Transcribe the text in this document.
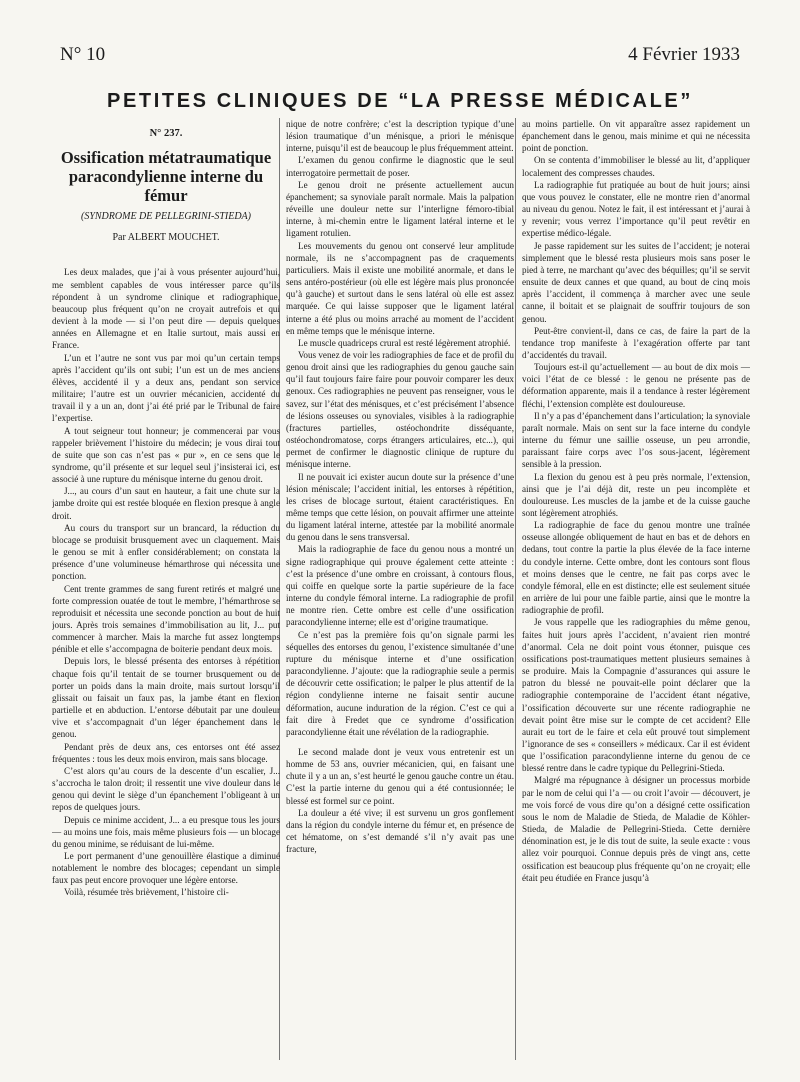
N° 10	4 Février 1933
PETITES CLINIQUES DE “LA PRESSE MÉDICALE”
N° 237.
Ossification métatraumatique paracondylienne interne du fémur
(SYNDROME DE PELLEGRINI-STIEDA)
Par ALBERT MOUCHET.

Les deux malades, que j’ai à vous présenter aujourd’hui, me semblent capables de vous intéresser parce qu’ils répondent à un syndrome clinique et radiographique, beaucoup plus fréquent qu’on ne croyait autrefois et qui devient à la mode — si l’on peut dire — depuis quelques années en Allemagne et en Italie surtout, mais aussi en France.

L’un et l’autre ne sont vus par moi qu’un certain temps après l’accident qu’ils ont subi; l’un est un de mes anciens élèves, accidenté il y a deux ans, pendant son service militaire; l’autre est un ouvrier mécanicien, accidenté du travail il y a un an, dont j’ai été prié par le Tribunal de faire l’expertise.

A tout seigneur tout honneur; je commencerai par vous rappeler brièvement l’histoire du médecin; je vous dirai tout de suite que son cas n’est pas « pur », en ce sens que le syndrome, qu’il présente et sur lequel seul j’insisterai ici, est associé à une rupture du ménisque interne du genou droit.

J..., au cours d’un saut en hauteur, a fait une chute sur la jambe droite qui est restée bloquée en flexion presque à angle droit.

Au cours du transport sur un brancard, la réduction du blocage se produisit brusquement avec un claquement. Mais le genou se mit à enfler considérablement; on constata la présence d’une volumineuse hémarthrose qui nécessita une ponction.

Cent trente grammes de sang furent retirés et malgré une forte compression ouatée de tout le membre, l’hémarthrose se reproduisit et nécessita une seconde ponction au bout de huit jours. Après trois semaines d’immobilisation au lit, J... put commencer à marcher. Mais la marche fut assez longtemps pénible et elle s’accompagna de boiterie pendant deux mois.

Depuis lors, le blessé présenta des entorses à répétition chaque fois qu’il tentait de se tourner brusquement ou de porter un poids dans la main droite, mais surtout lorsqu’il glissait ou faisait un faux pas, la jambe étant en flexion partielle et en abduction. L’entorse débutait par une douleur vive et s’accompagnait d’un léger épanchement dans le genou.

Pendant près de deux ans, ces entorses ont été assez fréquentes : tous les deux mois environ, mais sans blocage.

C’est alors qu’au cours de la descente d’un escalier, J... s’accrocha le talon droit; il ressentit une vive douleur dans le genou qui devint le siège d’un épanchement l’obligeant à un repos de quelques jours.

Depuis ce minime accident, J... a eu presque tous les jours — au moins une fois, mais même plusieurs fois — un blocage du genou minime, se réduisant de lui-même.

Le port permanent d’une genouillère élastique a diminué notablement le nombre des blocages; cependant un simple faux pas peut encore provoquer une légère entorse.

Voilà, résumée très brièvement, l’histoire cli-

nique de notre confrère; c’est la description typique d’une lésion traumatique d’un ménisque, a priori le ménisque interne, puisqu’il est de beaucoup le plus fréquemment atteint.

L’examen du genou confirme le diagnostic que le seul interrogatoire permettait de poser.

Le genou droit ne présente actuellement aucun épanchement; sa synoviale paraît normale. Mais la palpation réveille une douleur nette sur l’interligne fémoro-tibial interne, à mi-chemin entre le ligament latéral interne et le ligament rotulien.

Les mouvements du genou ont conservé leur amplitude normale, ils ne s’accompagnent pas de craquements particuliers. Mais il existe une mobilité anormale, et dans le sens antéro-postérieur (où elle est légère mais plus prononcée qu’à gauche) et surtout dans le sens latéral où elle est assez marquée. Ce qui laisse supposer que le ligament latéral interne a été plus ou moins arraché au moment de l’accident en même temps que le ménisque interne.

Le muscle quadriceps crural est resté légèrement atrophié.

Vous venez de voir les radiographies de face et de profil du genou droit ainsi que les radiographies du genou gauche sain qu’il faut toujours faire faire pour pouvoir comparer les deux genoux. Ces radiographies ne peuvent pas renseigner, vous le savez, sur l’état des ménisques, et c’est précisément l’absence de lésions osseuses ou synoviales, visibles à la radiographie (fractures partielles, ostéochondrite disséquante, ostéochondromatose, corps étrangers articulaires, etc...), qui permet de confirmer le diagnostic clinique de rupture du ménisque interne.

Il ne pouvait ici exister aucun doute sur la présence d’une lésion méniscale; l’accident initial, les entorses à répétition, les crises de blocage surtout, étaient caractéristiques. En même temps que cette lésion, on pouvait affirmer une atteinte du ligament latéral interne, attestée par la mobilité anormale du genou dans le sens transversal.

Mais la radiographie de face du genou nous a montré un signe radiographique qui prouve également cette atteinte : c’est la présence d’une ombre en croissant, à contours flous, qui coiffe en quelque sorte la partie supérieure de la face interne du condyle fémoral interne. La radiographie de profil ne montre rien. Cette ombre est celle d’une ossification paracondylienne interne; elle est d’origine traumatique.

Ce n’est pas la première fois qu’on signale parmi les séquelles des entorses du genou, l’existence simultanée d’une rupture du ménisque interne et d’une ossification paracondylienne. J’ajoute: que la radiographie seule a permis de découvrir cette ossification; le palper le plus attentif de la région condylienne interne ne faisait sentir aucune déformation, aucune induration de la région. C’est ce qui a fait dire à Fredet que ce syndrome d’ossification paracondylienne était une révélation de la radiographie.

Le second malade dont je veux vous entretenir est un homme de 53 ans, ouvrier mécanicien, qui, en faisant une chute il y a un an, s’est heurté le genou gauche contre un étau. C’est la partie interne du genou qui a été contusionnée; le blessé est formel sur ce point.

La douleur a été vive; il est survenu un gros gonflement dans la région du condyle interne du fémur et, en présence de cet hématome, on s’est demandé s’il n’y avait pas une fracture,

au moins partielle. On vit apparaître assez rapidement un épanchement dans le genou, mais minime et qui ne nécessita point de ponction.

On se contenta d’immobiliser le blessé au lit, d’appliquer localement des compresses chaudes.

La radiographie fut pratiquée au bout de huit jours; ainsi que vous pouvez le constater, elle ne montre rien d’anormal au niveau du genou. Notez le fait, il est intéressant et j’aurai à y revenir; vous verrez l’importance qu’il peut revêtir en expertise médico-légale.

Je passe rapidement sur les suites de l’accident; je noterai simplement que le blessé resta plusieurs mois sans poser le pied à terre, ne marchant qu’avec des béquilles; qu’il se servit ensuite de deux cannes et que quand, au bout de cinq mois après l’accident, il commença à marcher avec une seule canne, il boitait et se plaignait de souffrir toujours de son genou.

Peut-être convient-il, dans ce cas, de faire la part de la tendance trop manifeste à l’exagération offerte par tant d’accidentés du travail.

Toujours est-il qu’actuellement — au bout de dix mois — voici l’état de ce blessé : le genou ne présente pas de déformation apparente, mais il a tendance à rester légèrement fléchi, l’extension complète est douloureuse.

Il n’y a pas d’épanchement dans l’articulation; la synoviale paraît normale. Mais on sent sur la face interne du condyle interne du fémur une saillie osseuse, un peu arrondie, paraissant faire corps avec l’os sous-jacent, légèrement sensible à la pression.

La flexion du genou est à peu près normale, l’extension, ainsi que je l’ai déjà dit, reste un peu incomplète et douloureuse. Les muscles de la jambe et de la cuisse gauche sont légèrement atrophiés.

La radiographie de face du genou montre une traînée osseuse allongée obliquement de haut en bas et de dehors en dedans, tout contre la partie la plus élevée de la face interne du condyle interne. Cette ombre, dont les contours sont flous et moins denses que le centre, ne fait pas corps avec le condyle fémoral, elle en est distincte; elle est seulement située en arrière de lui pour une faible partie, ainsi que le montre la radiographie de profil.

Je vous rappelle que les radiographies du même genou, faites huit jours après l’accident, n’avaient rien montré d’anormal. Cela ne doit point vous étonner, puisque ces ossifications post-traumatiques mettent plusieurs semaines à se produire. Mais la Compagnie d’assurances qui assure le patron du blessé ne pouvait-elle point déclarer que la radiographie contemporaine de l’accident étant négative, l’ossification découverte sur une récente radiographie ne devait point être mise sur le compte de cet accident? Elle aurait eu tort de le faire et cela eût prouvé tout simplement l’ignorance de ses « conseillers » médicaux. Car il est évident que l’ossification paracondylienne interne du genou de ce blessé rentre dans le cadre typique du Pellegrini-Stieda.

Malgré ma répugnance à désigner un processus morbide par le nom de celui qui l’a — ou croit l’avoir — découvert, je me vois forcé de vous dire qu’on a désigné cette ossification sous le nom de Maladie de Stieda, de Maladie de Köhler-Stieda, de Maladie de Pellegrini-Stieda. Cette dernière dénomination est, je le dis tout de suite, la seule exacte : vous allez voir pourquoi. Connue depuis près de vingt ans, cette ossification est beaucoup plus fréquente qu’on ne croyait; elle était peu étudiée en France jusqu’à
